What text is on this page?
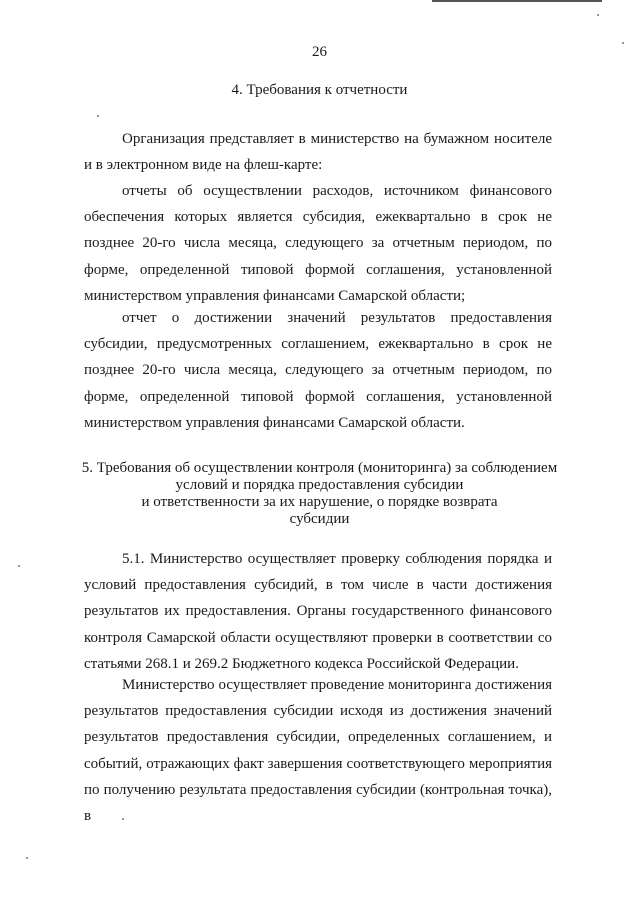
26
4. Требования к отчетности

Организация представляет в министерство на бумажном носителе и в электронном виде на флеш-карте:

отчеты об осуществлении расходов, источником финансового обеспечения которых является субсидия, ежеквартально в срок не позднее 20-го числа месяца, следующего за отчетным периодом, по форме, определенной типовой формой соглашения, установленной министерством управления финансами Самарской области;

отчет о достижении значений результатов предоставления субсидии, предусмотренных соглашением, ежеквартально в срок не позднее 20-го числа месяца, следующего за отчетным периодом, по форме, определенной типовой формой соглашения, установленной министерством управления финансами Самарской области.

5. Требования об осуществлении контроля (мониторинга) за соблюдением
условий и порядка предоставления субсидии
и ответственности за их нарушение, о порядке возврата
субсидии

5.1. Министерство осуществляет проверку соблюдения порядка и условий предоставления субсидий, в том числе в части достижения результатов их предоставления. Органы государственного финансового контроля Самарской области осуществляют проверки в соответствии со статьями 268.1 и 269.2 Бюджетного кодекса Российской Федерации.

Министерство осуществляет проведение мониторинга достижения результатов предоставления субсидии исходя из достижения значений результатов предоставления субсидии, определенных соглашением, и событий, отражающих факт завершения соответствующего мероприятия по получению результата предоставления субсидии (контрольная точка), в
